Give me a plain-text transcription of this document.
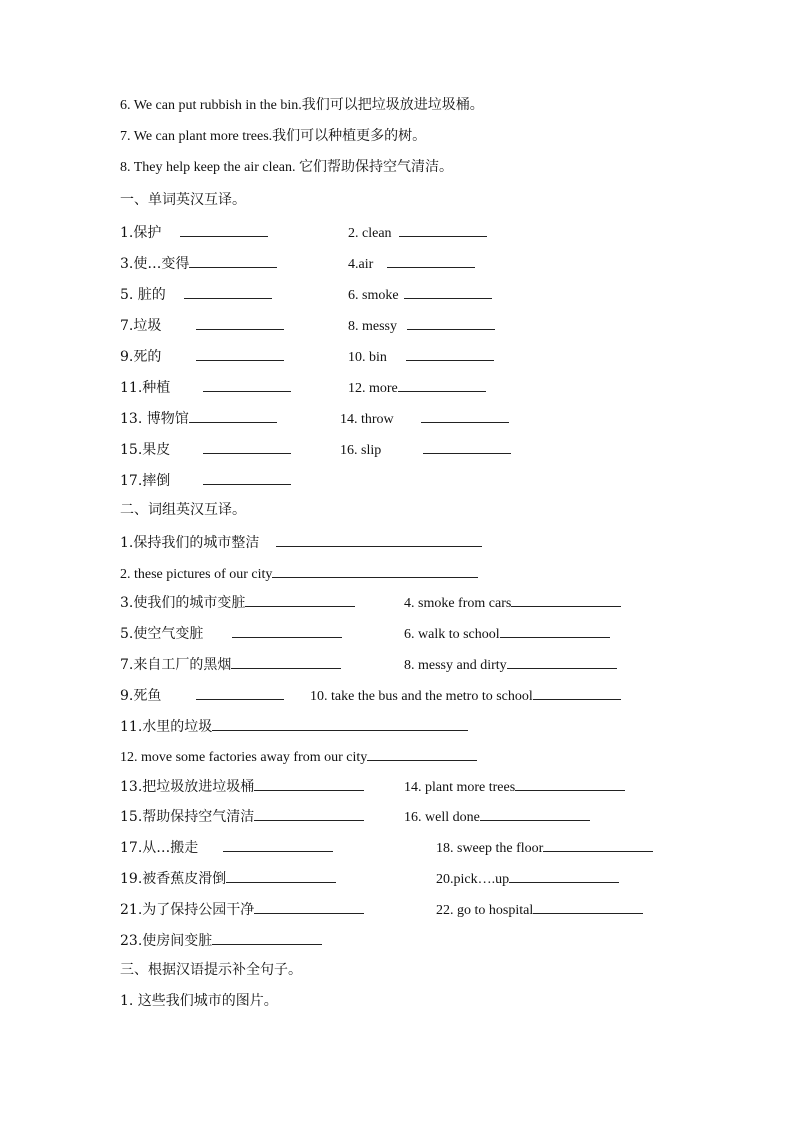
6. We can put rubbish in the bin.我们可以把垃圾放进垃圾桶。
7. We can plant more trees.我们可以种植更多的树。
8. They help keep the air clean. 它们帮助保持空气清洁。
一、单词英汉互译。
1.保护	2. clean
3.使…变得	4.air
5. 脏的	6. smoke
7.垃圾	8. messy
9.死的	10. bin
11.种植	12. more
13. 博物馆	14. throw
15.果皮	16. slip
17.摔倒
二、词组英汉互译。
1.保持我们的城市整洁
2. these pictures of our city
3.使我们的城市变脏	4. smoke from cars
5.使空气变脏	6. walk to school
7.来自工厂的黑烟	8. messy and dirty
9.死鱼	10. take the bus and the metro to school
11.水里的垃圾
12. move some factories away from our city
13.把垃圾放进垃圾桶	14. plant more trees
15.帮助保持空气清洁	16. well done
17.从…搬走	18. sweep the floor
19.被香蕉皮滑倒	20.pick….up
21.为了保持公园干净	22. go to hospital
23.使房间变脏
三、根据汉语提示补全句子。
1. 这些我们城市的图片。
